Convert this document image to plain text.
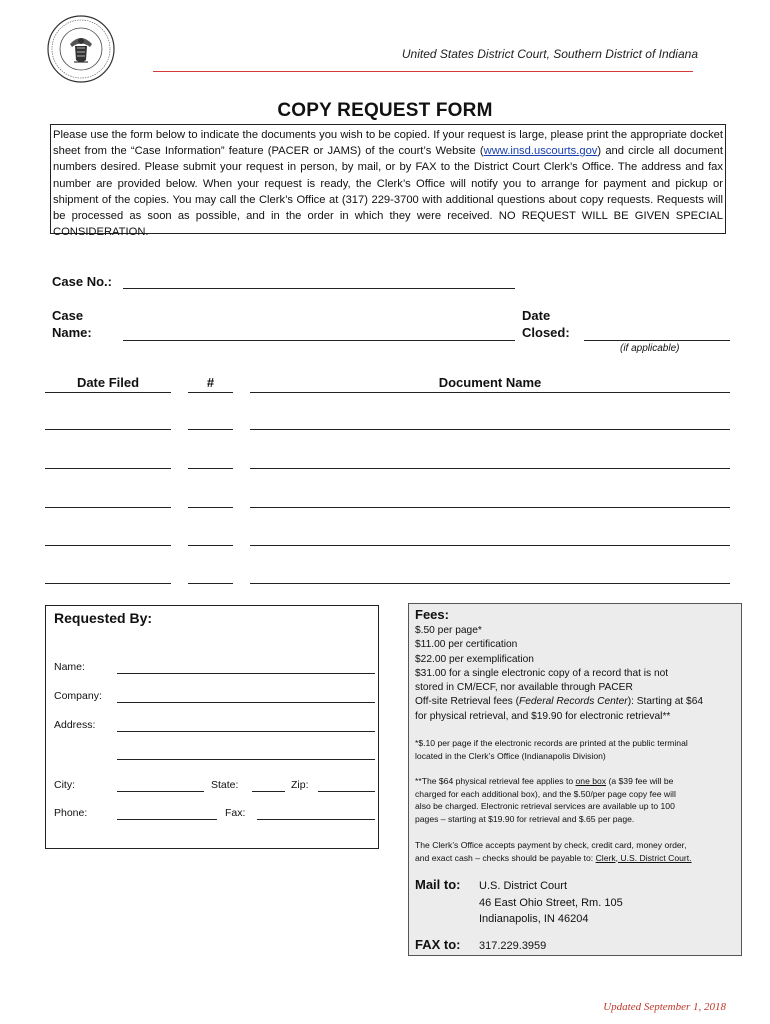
United States District Court, Southern District of Indiana
COPY REQUEST FORM
Please use the form below to indicate the documents you wish to be copied. If your request is large, please print the appropriate docket sheet from the “Case Information” feature (PACER or JAMS) of the court’s Website (www.insd.uscourts.gov) and circle all document numbers desired. Please submit your request in person, by mail, or by FAX to the District Court Clerk’s Office. The address and fax number are provided below. When your request is ready, the Clerk’s Office will notify you to arrange for payment and pickup or shipment of the copies. You may call the Clerk’s Office at (317) 229-3700 with additional questions about copy requests. Requests will be processed as soon as possible, and in the order in which they were received. NO REQUEST WILL BE GIVEN SPECIAL CONSIDERATION.
Case No.:
Case
Name:
Date
Closed:
(if applicable)
Date Filed	#	Document Name
Requested By:
Name:
Company:
Address:
City:	State:	Zip:
Phone:	Fax:
Fees:
$.50 per page*
$11.00 per certification
$22.00 per exemplification
$31.00 for a single electronic copy of a record that is not
stored in CM/ECF, nor available through PACER
Off-site Retrieval fees (Federal Records Center): Starting at $64
for physical retrieval, and $19.90 for electronic retrieval**
*$.10 per page if the electronic records are printed at the public terminal
located in the Clerk’s Office (Indianapolis Division)
**The $64 physical retrieval fee applies to one box (a $39 fee will be
charged for each additional box), and the $.50/per page copy fee will
also be charged. Electronic retrieval services are available up to 100
pages – starting at $19.90 for retrieval and $.65 per page.
The Clerk’s Office accepts payment by check, credit card, money order,
and exact cash – checks should be payable to: Clerk, U.S. District Court.
Mail to: U.S. District Court
46 East Ohio Street, Rm. 105
Indianapolis, IN 46204
FAX to: 317.229.3959
Updated September 1, 2018
